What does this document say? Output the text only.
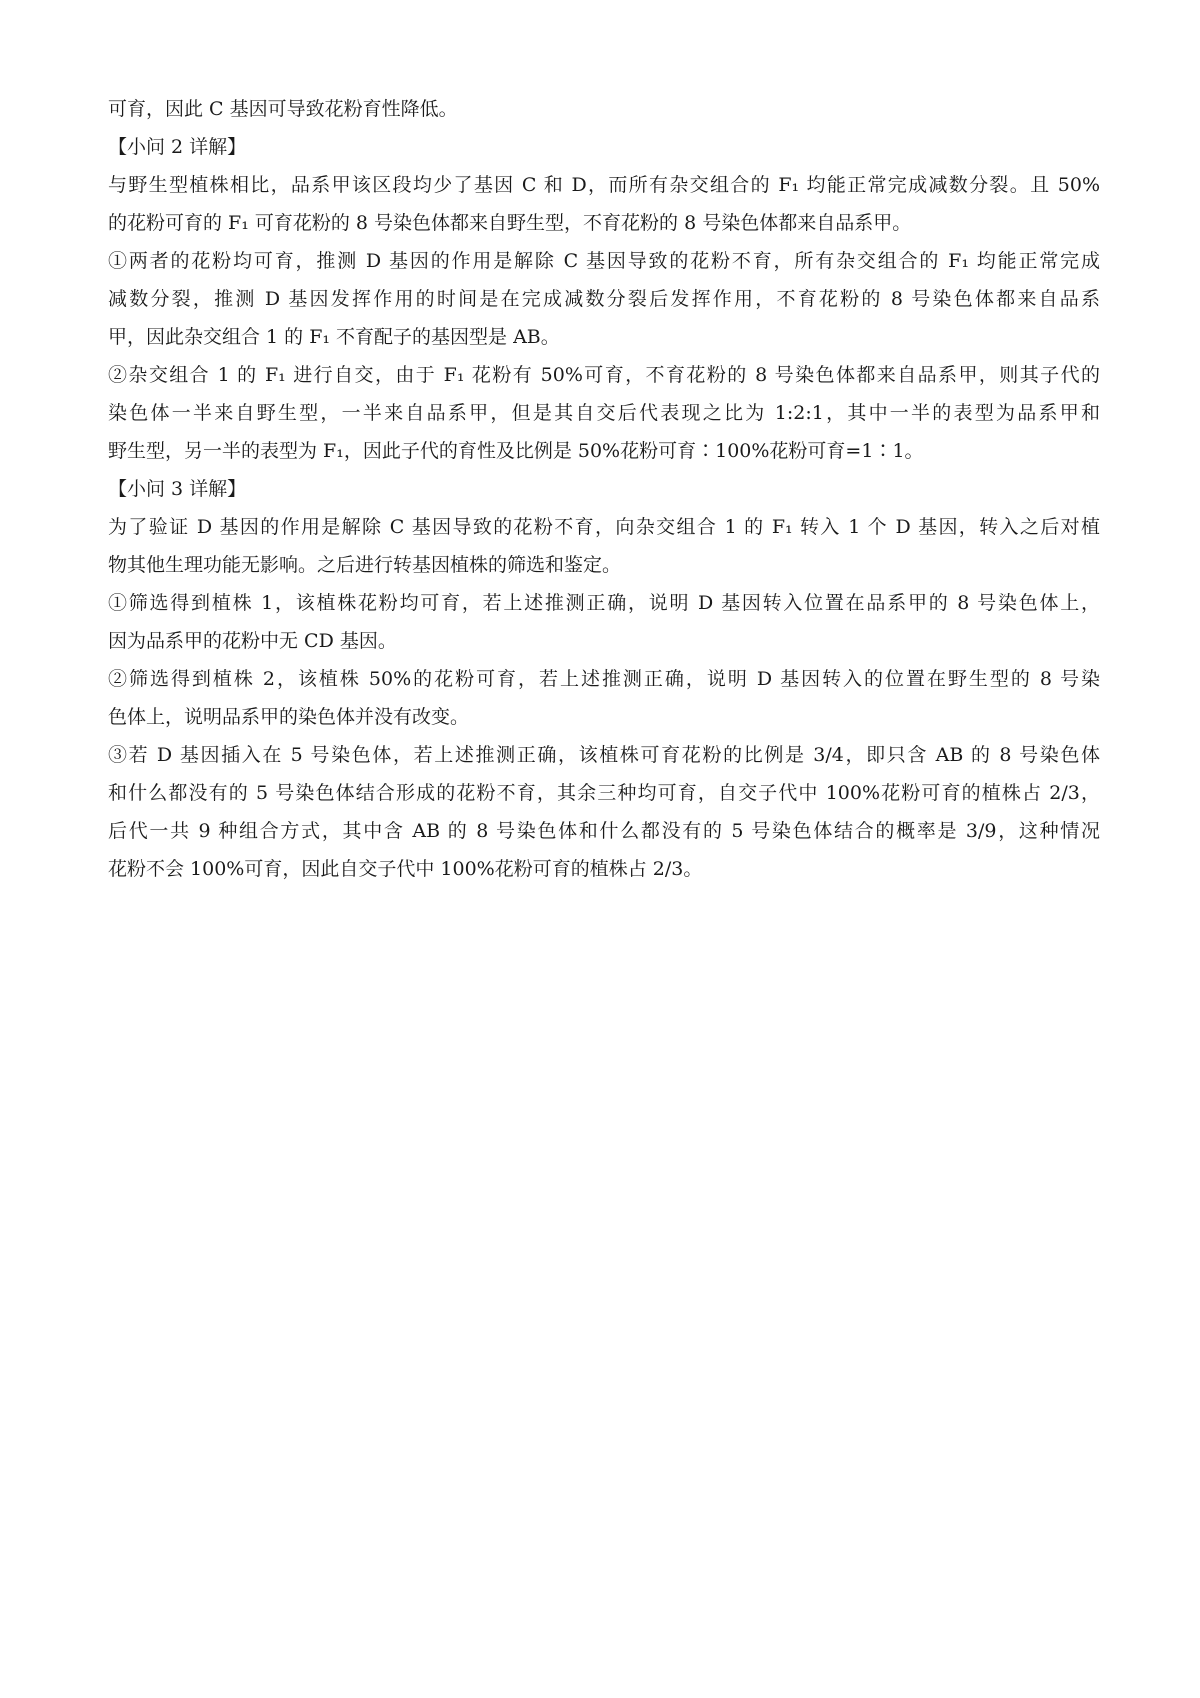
可育，因此 C 基因可导致花粉育性降低。
【小问 2 详解】
与野生型植株相比，品系甲该区段均少了基因 C 和 D，而所有杂交组合的 F₁ 均能正常完成减数分裂。且 50%
的花粉可育的 F₁ 可育花粉的 8 号染色体都来自野生型，不育花粉的 8 号染色体都来自品系甲。
①两者的花粉均可育，推测 D 基因的作用是解除 C 基因导致的花粉不育，所有杂交组合的 F₁ 均能正常完成
减数分裂，推测 D 基因发挥作用的时间是在完成减数分裂后发挥作用，不育花粉的 8 号染色体都来自品系
甲，因此杂交组合 1 的 F₁ 不育配子的基因型是 AB。
②杂交组合 1 的 F₁ 进行自交，由于 F₁ 花粉有 50%可育，不育花粉的 8 号染色体都来自品系甲，则其子代的
染色体一半来自野生型，一半来自品系甲，但是其自交后代表现之比为 1:2:1，其中一半的表型为品系甲和
野生型，另一半的表型为 F₁，因此子代的育性及比例是 50%花粉可育∶100%花粉可育=1∶1。
【小问 3 详解】
为了验证 D 基因的作用是解除 C 基因导致的花粉不育，向杂交组合 1 的 F₁ 转入 1 个 D 基因，转入之后对植
物其他生理功能无影响。之后进行转基因植株的筛选和鉴定。
①筛选得到植株 1，该植株花粉均可育，若上述推测正确，说明 D 基因转入位置在品系甲的 8 号染色体上，
因为品系甲的花粉中无 CD 基因。
②筛选得到植株 2，该植株 50%的花粉可育，若上述推测正确，说明 D 基因转入的位置在野生型的 8 号染
色体上，说明品系甲的染色体并没有改变。
③若 D 基因插入在 5 号染色体，若上述推测正确，该植株可育花粉的比例是 3/4，即只含 AB 的 8 号染色体
和什么都没有的 5 号染色体结合形成的花粉不育，其余三种均可育，自交子代中 100%花粉可育的植株占 2/3，
后代一共 9 种组合方式，其中含 AB 的 8 号染色体和什么都没有的 5 号染色体结合的概率是 3/9，这种情况
花粉不会 100%可育，因此自交子代中 100%花粉可育的植株占 2/3。
